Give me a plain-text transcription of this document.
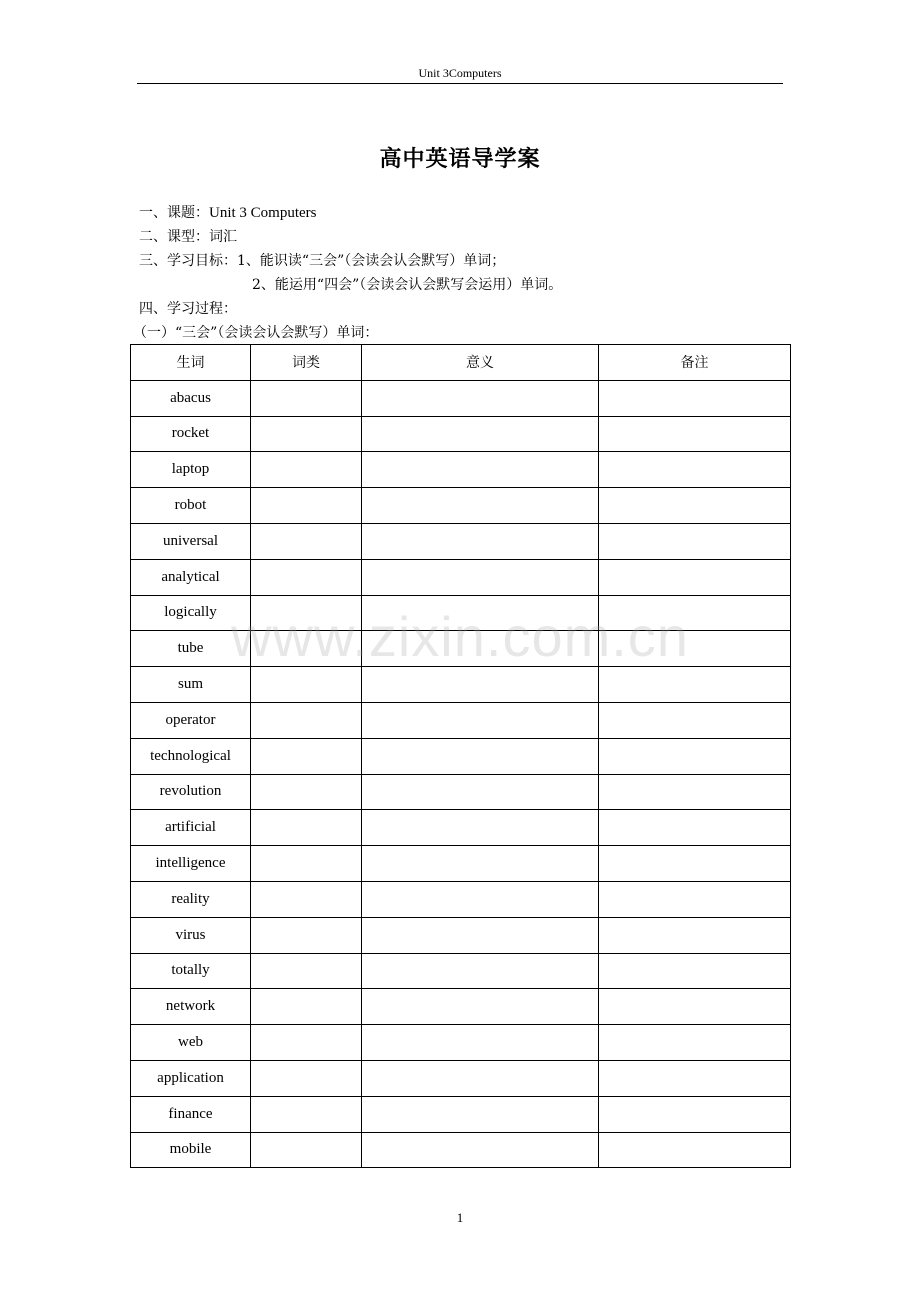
Unit 3Computers
高中英语导学案
一、课题：Unit 3 Computers
二、课型：词汇
三、学习目标：1、能识读“三会”（会读会认会默写）单词；
2、能运用“四会”（会读会认会默写会运用）单词。
四、学习过程：
（一）“三会”（会读会认会默写）单词：
生词	词类	意义	备注
abacus			
rocket			
laptop			
robot			
universal			
analytical			
logically			
tube			
sum			
operator			
technological			
revolution			
artificial			
intelligence			
reality			
virus			
totally			
network			
web			
application			
finance			
mobile			
www.zixin.com.cn
1
